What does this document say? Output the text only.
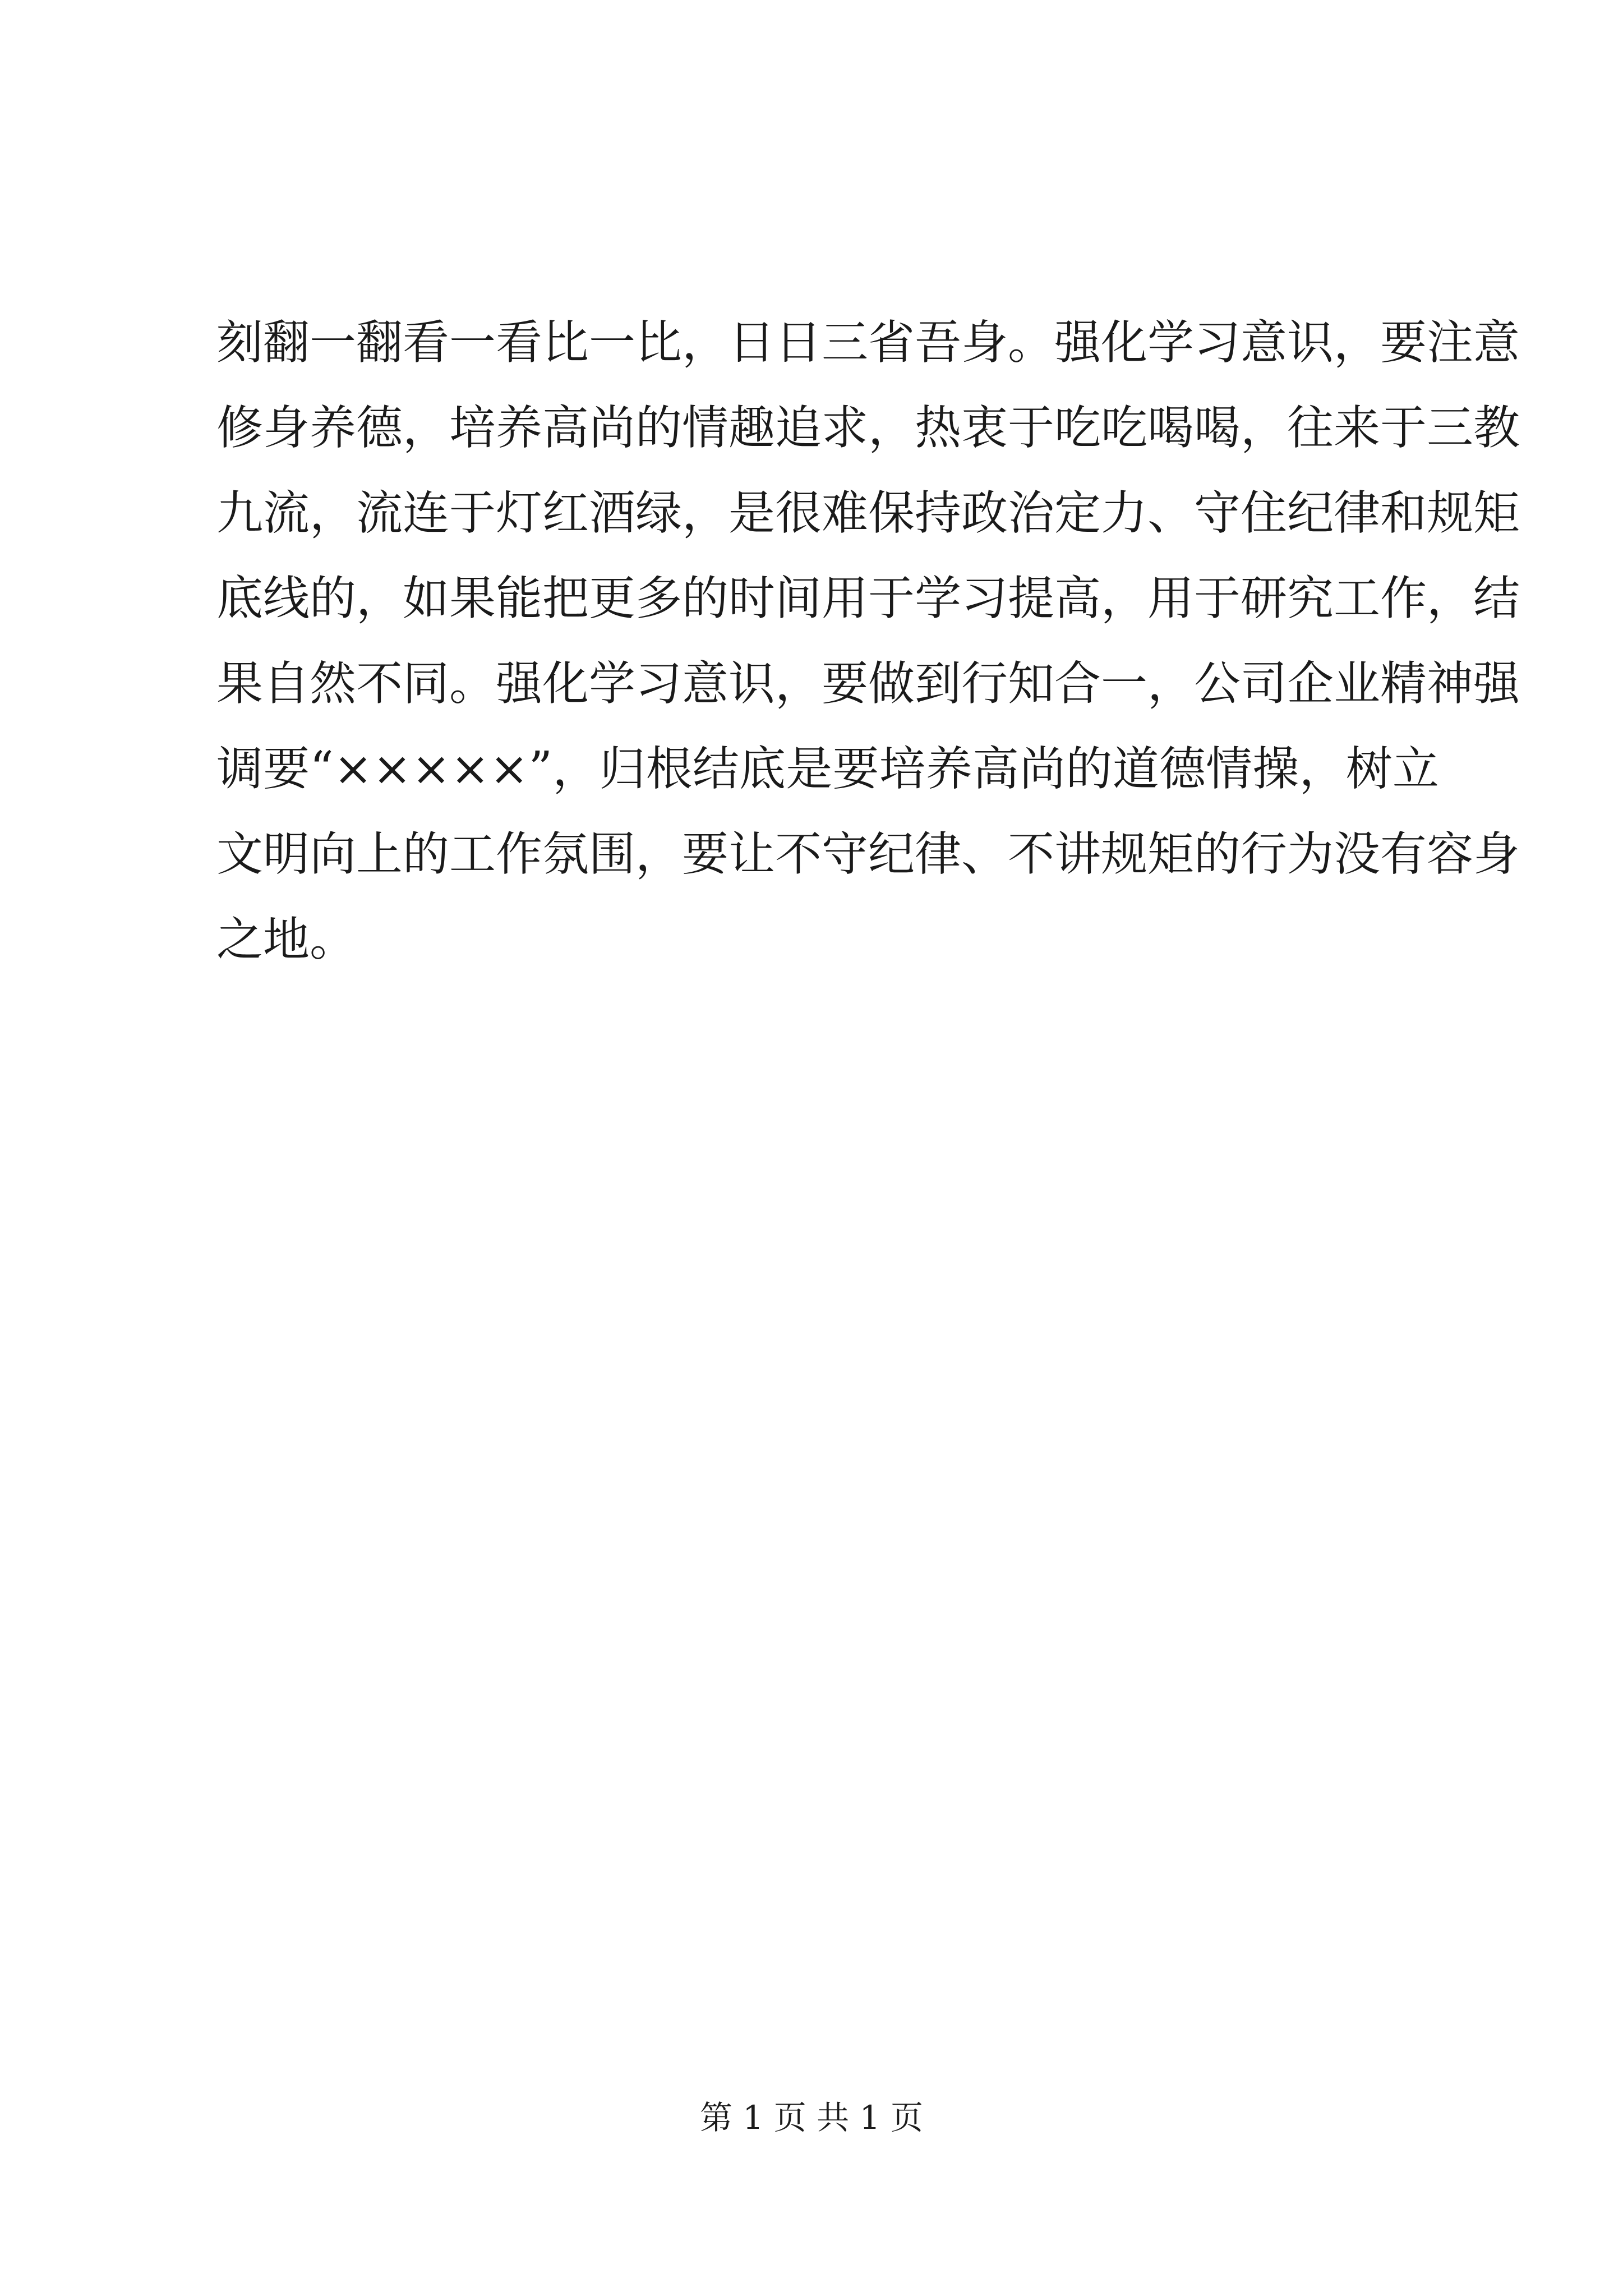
刻翻一翻看一看比一比，日日三省吾身。强化学习意识，要注意
修身养德，培养高尚的情趣追求，热衷于吃吃喝喝，往来于三教
九流，流连于灯红酒绿，是很难保持政治定力、守住纪律和规矩
底线的，如果能把更多的时间用于学习提高，用于研究工作，结
果自然不同。强化学习意识，要做到行知合一，公司企业精神强
调要“×××××”，归根结底是要培养高尚的道德情操，树立
文明向上的工作氛围，要让不守纪律、不讲规矩的行为没有容身
之地。
第 1 页 共 1 页
